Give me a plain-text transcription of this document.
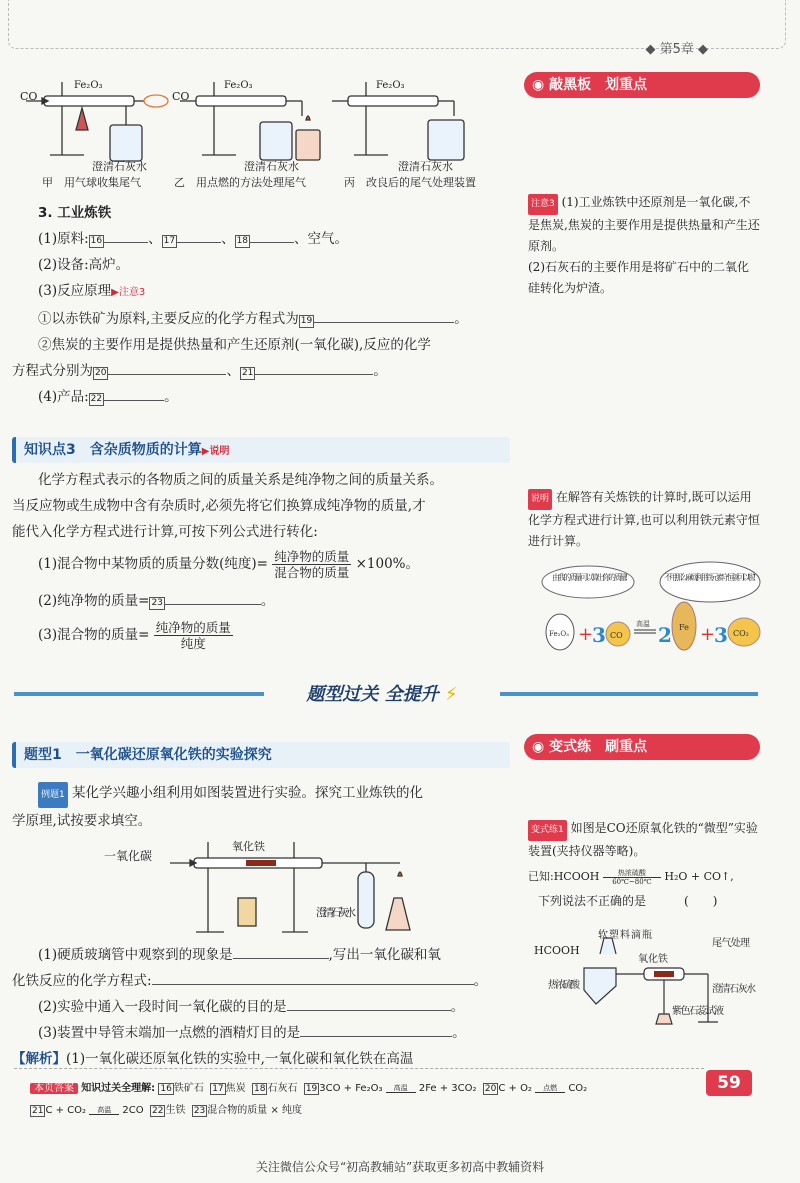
◆ 第5章 ◆
CO
Fe₂O₃
CO
Fe₂O₃	Fe₂O₃
澄清石灰水	澄清石灰水	澄清石灰水
甲　用气球收集尾气	乙　用点燃的方法处理尾气	丙　改良后的尾气处理装置
3. 工业炼铁
(1)原料: 16	、 17	、 18	、空气。
(2)设备:高炉。
(3)反应原理▶注意3
①以赤铁矿为原料,主要反应的化学方程式为 19	。
②焦炭的主要作用是提供热量和产生还原剂(一氧化碳),反应的化学
方程式分别为 20	、 21	。
(4)产品: 22	。
知识点3　含杂质物质的计算▶说明
化学方程式表示的各物质之间的质量关系是纯净物之间的质量关系。
当反应物或生成物中含有杂质时,必须先将它们换算成纯净物的质量,才
能代入化学方程式进行计算,可按下列公式进行转化:
(1)混合物中某物质的质量分数(纯度)= $\frac{\text{纯净物的质量}}{\text{混合物的质量}} \times 100\%$。
(2)纯净物的质量= 23	。
(3)混合物的质量= $\frac{\text{纯净物的质量}}{\text{纯度}}$
◉ 敲黑板　划重点
注意3 (1)工业炼铁中还原剂是一氧化碳,不是焦炭,焦炭的主要作用是提供热量和产生还原剂。
(2)石灰石的主要作用是将矿石中的二氧化硅转化为炉渣。
说明 在解答有关炼铁的计算时,既可以运用化学方程式进行计算,也可以利用铁元素守恒进行计算。
由我的质量可以算出你的质量!	不用那么麻烦,利用铁元素守恒就可以啦!
Fe₂O₃ +
3 CO
高温 2 Fe +
3 CO₂
题型过关 全提升 ⚡
题型1　一氧化碳还原氧化铁的实验探究
例题1 某化学兴趣小组利用如图装置进行实验。探究工业炼铁的化
学原理,试按要求填空。
一氧化碳
氧化铁
澄清石灰水
(1)硬质玻璃管中观察到的现象是	,写出一氧化碳和氧
化铁反应的化学方程式:	。
(2)实验中通入一段时间一氧化碳的目的是	。
(3)装置中导管末端加一点燃的酒精灯目的是	。
【解析】(1)一氧化碳还原氧化铁的实验中,一氧化碳和氧化铁在高温
◉ 变式练　刷重点
变式练1 如图是CO还原氧化铁的“微型”实验装置(夹持仪器等略)。
已知:HCOOH	热浓硫酸
60℃~80℃	H₂O + CO↑,
下列说法不正确的是	(　　)
HCOOH
软塑料滴瓶
氧化铁
尾气处理
热浓硫酸
紫色石蕊试液
澄清石灰水
本页答案 知识过关全理解: 16 铁矿石 17 焦炭 18 石灰石 19 3CO + Fe₂O₃	高温	2Fe + 3CO₂ 20 C + O₂	点燃	CO₂
21 C + CO₂	高温	2CO 22 生铁 23 混合物的质量 × 纯度
59
关注微信公众号“初高教辅站”获取更多初高中教辅资料
